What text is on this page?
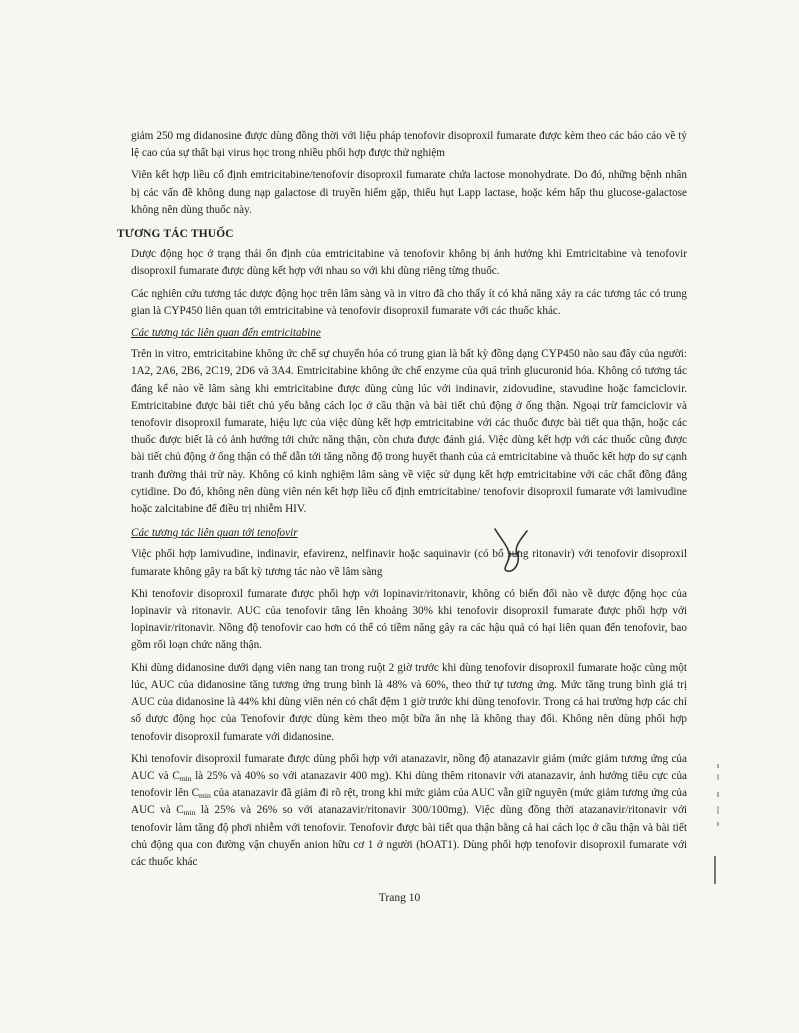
giảm 250 mg didanosine được dùng đồng thời với liệu pháp tenofovir disoproxil fumarate được kèm theo các báo cáo về tỷ lệ cao của sự thất bại virus học trong nhiều phối hợp được thử nghiệm

Viên kết hợp liều cố định emtricitabine/tenofovir disoproxil fumarate chứa lactose monohydrate. Do đó, những bệnh nhân bị các vấn đề không dung nạp galactose di truyền hiếm gặp, thiếu hụt Lapp lactase, hoặc kém hấp thu glucose-galactose không nên dùng thuốc này.

TƯƠNG TÁC THUỐC

Dược động học ở trạng thái ổn định của emtricitabine và tenofovir không bị ảnh hưởng khi Emtricitabine và tenofovir disoproxil fumarate được dùng kết hợp với nhau so với khi dùng riêng từng thuốc.

Các nghiên cứu tương tác dược động học trên lâm sàng và in vitro đã cho thấy ít có khả năng xảy ra các tương tác có trung gian là CYP450 liên quan tới emtricitabine và tenofovir disoproxil fumarate với các thuốc khác.

Các tương tác liên quan đến emtricitabine

Trên in vitro, emtricitabine không ức chế sự chuyển hóa có trung gian là bất kỳ đồng dạng CYP450 nào sau đây của người: 1A2, 2A6, 2B6, 2C19, 2D6 và 3A4. Emtricitabine không ức chế enzyme của quá trình glucuronid hóa. Không có tương tác đáng kể nào về lâm sàng khi emtricitabine được dùng cùng lúc với indinavir, zidovudine, stavudine hoặc famciclovir. Emtricitabine được bài tiết chủ yếu bằng cách lọc ở cầu thận và bài tiết chủ động ở ống thận. Ngoại trừ famciclovir và tenofovir disoproxil fumarate, hiệu lực của việc dùng kết hợp emtricitabine với các thuốc được bài tiết qua thận, hoặc các thuốc được biết là có ảnh hưởng tới chức năng thận, còn chưa được đánh giá. Việc dùng kết hợp với các thuốc cũng được bài tiết chủ động ở ống thận có thể dẫn tới tăng nồng độ trong huyết thanh của cả emtricitabine và thuốc kết hợp do sự cạnh tranh đường thải trừ này. Không có kinh nghiệm lâm sàng về việc sử dụng kết hợp emtricitabine với các chất đồng đẳng cytidine. Do đó, không nên dùng viên nén kết hợp liều cố định emtricitabine/ tenofovir disoproxil fumarate với lamivudine hoặc zalcitabine để điều trị nhiễm HIV.

Các tương tác liên quan tới tenofovir

Việc phối hợp lamivudine, indinavir, efavirenz, nelfinavir hoặc saquinavir (có bổ sung ritonavir) với tenofovir disoproxil fumarate không gây ra bất kỳ tương tác nào về lâm sàng

Khi tenofovir disoproxil fumarate được phối hợp với lopinavir/ritonavir, không có biến đổi nào về dược động học của lopinavir và ritonavir. AUC của tenofovir tăng lên khoảng 30% khi tenofovir disoproxil fumarate được phối hợp với lopinavir/ritonavir. Nồng độ tenofovir cao hơn có thể có tiềm năng gây ra các hậu quả có hại liên quan đến tenofovir, bao gồm rối loạn chức năng thận.

Khi dùng didanosine dưới dạng viên nang tan trong ruột 2 giờ trước khi dùng tenofovir disoproxil fumarate hoặc cùng một lúc, AUC của didanosine tăng tương ứng trung bình là 48% và 60%, theo thứ tự tương ứng. Mức tăng trung bình giá trị AUC của didanosine là 44% khi dùng viên nén có chất đệm 1 giờ trước khi dùng tenofovir. Trong cả hai trường hợp các chỉ số dược động học của Tenofovir được dùng kèm theo một bữa ăn nhẹ là không thay đổi. Không nên dùng phối hợp tenofovir disoproxil fumarate với didanosine.

Khi tenofovir disoproxil fumarate được dùng phối hợp với atanazavir, nồng độ atanazavir giảm (mức giảm tương ứng của AUC và $C_{min}$ là 25% và 40% so với atanazavir 400 mg). Khi dùng thêm ritonavir với atanazavir, ảnh hưởng tiêu cực của tenofovir lên $C_{min}$ của atanazavir đã giảm đi rõ rệt, trong khi mức giảm của AUC vẫn giữ nguyên (mức giảm tương ứng của AUC và $C_{min}$ là 25% và 26% so với atanazavir/ritonavir 300/100mg). Việc dùng đồng thời atazanavir/ritonavir với tenofovir làm tăng độ phơi nhiễm với tenofovir. Tenofovir được bài tiết qua thận bằng cả hai cách lọc ở cầu thận và bài tiết chủ động qua con đường vận chuyển anion hữu cơ 1 ở người (hOAT1). Dùng phối hợp tenofovir disoproxil fumarate với các thuốc khác

Trang 10
